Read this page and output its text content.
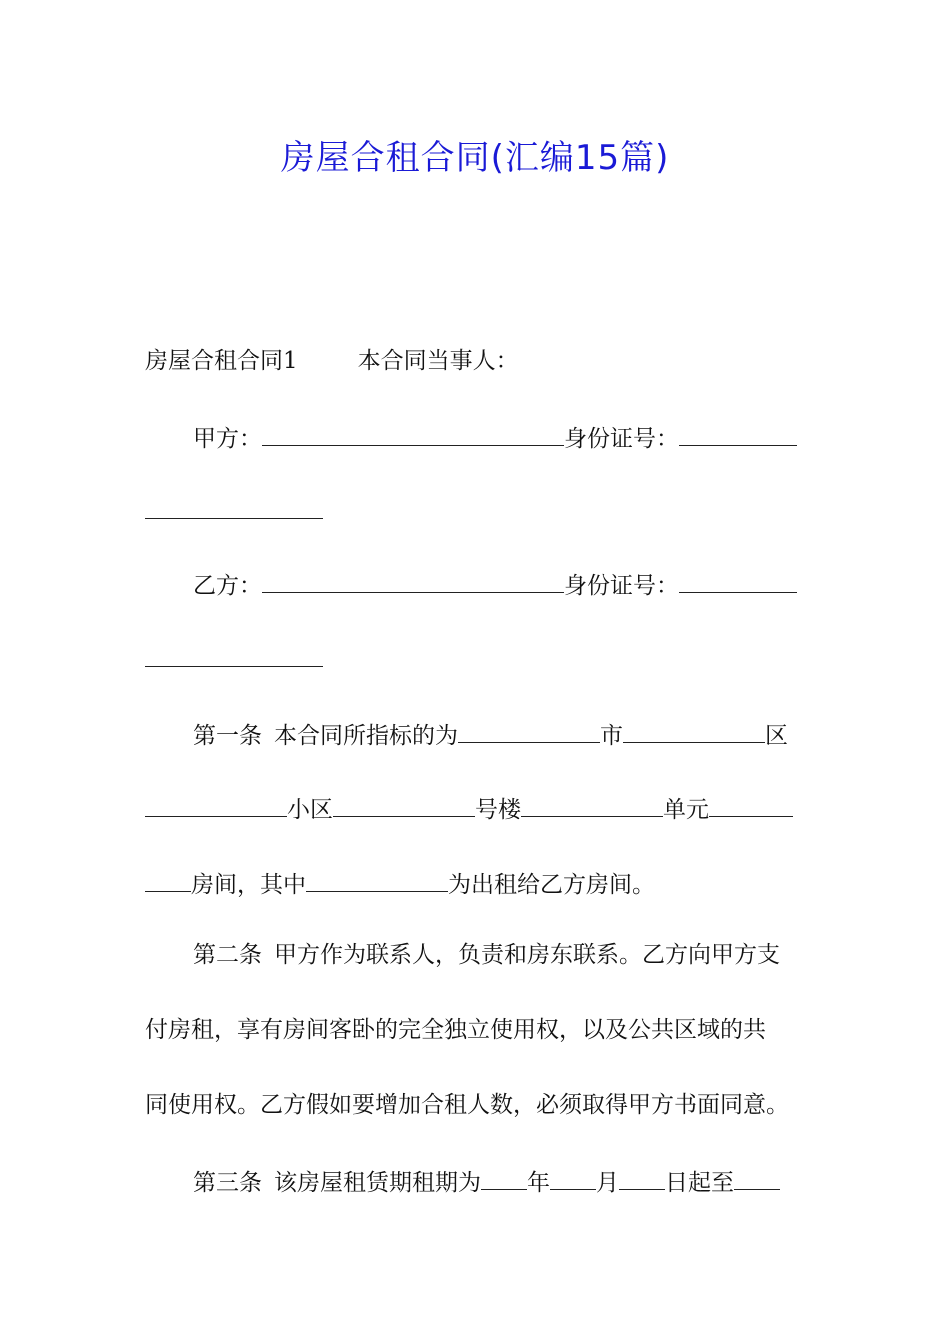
房屋合租合同(汇编15篇)
房屋合租合同1	本合同当事人：
甲方：	身份证号：
乙方：	身份证号：
第一条 本合同所指标的为	市	区
小区	号楼	单元
房间，其中	为出租给乙方房间。
第二条 甲方作为联系人，负责和房东联系。乙方向甲方支
付房租，享有房间客卧的完全独立使用权，以及公共区域的共
同使用权。乙方假如要增加合租人数，必须取得甲方书面同意。
第三条 该房屋租赁期租期为 年 月 日起至
